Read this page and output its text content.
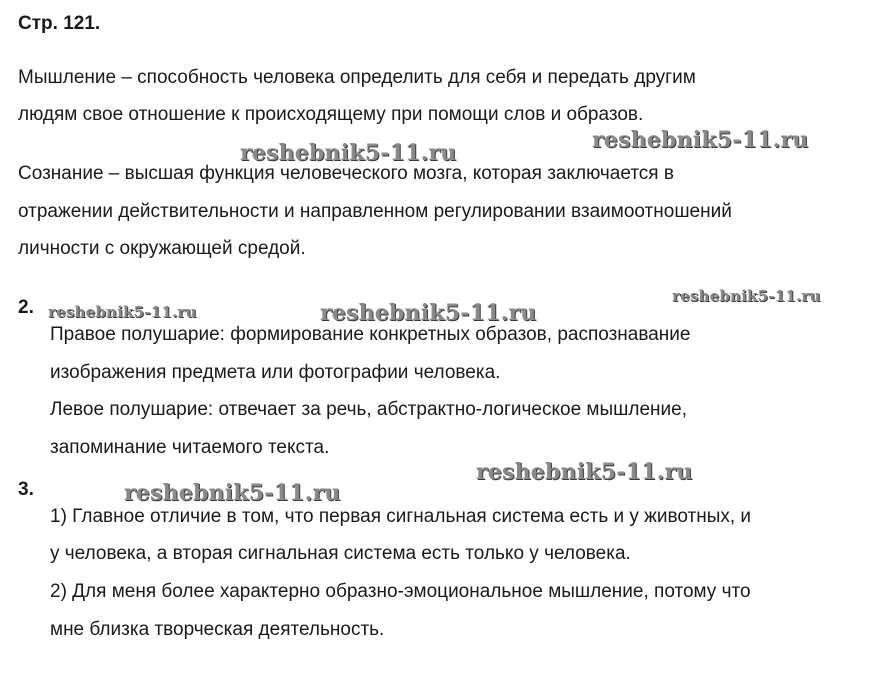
Стр. 121.
Мышление – способность человека определить для себя и передать другим
людям свое отношение к происходящему при помощи слов и образов.
Сознание – высшая функция человеческого мозга, которая заключается в
отражении действительности и направленном регулировании взаимоотношений
личности с окружающей средой.
2.
Правое полушарие: формирование конкретных образов, распознавание
изображения предмета или фотографии человека.
Левое полушарие: отвечает за речь, абстрактно-логическое мышление,
запоминание читаемого текста.
3.
1) Главное отличие в том, что первая сигнальная система есть и у животных, и
у человека, а вторая сигнальная система есть только у человека.
2) Для меня более характерно образно-эмоциональное мышление, потому что
мне близка творческая деятельность.
reshebnik5-11.ru	reshebnik5-11.ru
reshebnik5-11.ru	reshebnik5-11.ru
reshebnik5-11.ru
reshebnik5-11.ru
reshebnik5-11.ru
